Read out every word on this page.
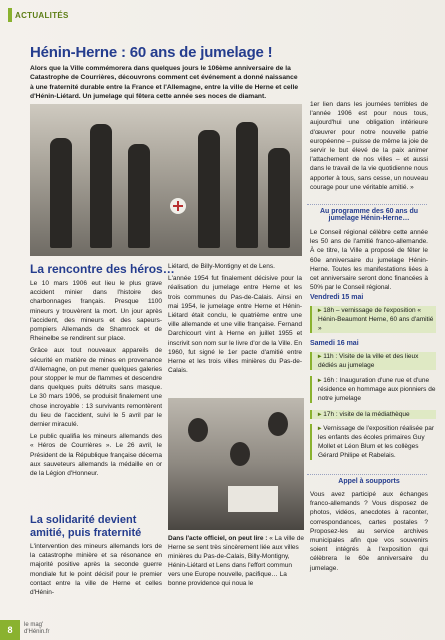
ACTUALITÉS
Hénin-Herne : 60 ans de jumelage !
Alors que la Ville commémorera dans quelques jours le 106ème anniversaire de la Catastrophe de Courrières, découvrons comment cet événement a donné naissance à une fraternité durable entre la France et l'Allemagne, entre la ville de Herne et celle d'Hénin-Liétard. Un jumelage qui fêtera cette année ses noces de diamant.
La rencontre des héros…

Le 10 mars 1906 eut lieu le plus grave accident minier dans l'histoire des charbonnages français. Presque 1100 mineurs y trouvèrent la mort. Un jour après l'accident, des mineurs et des sapeurs-pompiers Allemands de Shamrock et de Rheinelbe se rendirent sur place.

Grâce aux tout nouveaux appareils de sécurité en matière de mines en provenance d'Allemagne, on put mener quelques galeries pour stopper le mur de flammes et descendre dans quelques puits détruits sans masque. Le 30 mars 1906, se produisit finalement une chose incroyable : 13 survivants remontèrent du lieu de l'accident, suivi le 5 avril par le dernier miraculé.

Le public qualifia les mineurs allemands des « Héros de Courrières ». Le 26 avril, le Président de la République française décerna aux sauveteurs allemands la médaille en or de la Légion d'Honneur.

La solidarité devient amitié, puis fraternité

L'intervention des mineurs allemands lors de la catastrophe minière et sa résonance en majorité positive après la seconde guerre mondiale fut le point décisif pour le premier contact entre la ville de Herne et celles d'Hénin-

Liétard, de Billy-Montigny et de Lens.

L'année 1954 fut finalement décisive pour la réalisation du jumelage entre Herne et les trois communes du Pas-de-Calais. Ainsi en mai 1954, le jumelage entre Herne et Hénin-Liétard était conclu, le quatrième entre une ville allemande et une ville française. Fernand Darchicourt vint à Herne en juillet 1955 et inscrivit son nom sur le livre d'or de la Ville. En 1960, fut signé le 1er pacte d'amitié entre Herne et les trois villes minières du Pas-de-Calais.

Dans l'acte officiel, on peut lire : « La ville de Herne se sent très sincèrement liée aux villes minières du Pas-de-Calais, Billy-Montigny, Hénin-Liétard et Lens dans l'effort commun vers une Europe nouvelle, pacifique… La bonne providence qui noua le

1er lien dans les journées terribles de l'année 1906 est pour nous tous, aujourd'hui une obligation intérieure d'œuvrer pour notre nouvelle patrie européenne – puisse de même la joie de servir le but élevé de la paix animer l'attachement de nos villes – et aussi dans le travail de la vie quotidienne nous apporter à tous, sans cesse, un nouveau courage pour une véritable amitié. »

Au programme des 60 ans du jumelage Hénin-Herne…
Le Conseil régional célèbre cette année les 50 ans de l'amitié franco-allemande. À ce titre, la Ville a proposé de fêter le 60e anniversaire du jumelage Hénin-Herne. Toutes les manifestations liées à cet anniversaire seront donc financées à 50% par le Conseil régional.
Vendredi 15 mai
▸ 18h – vernissage de l'exposition « Hénin-Beaumont Herne, 60 ans d'amitié »
Samedi 16 mai
▸ 11h : Visite de la ville et des lieux dédiés au jumelage
▸ 16h : Inauguration d'une rue et d'une résidence en hommage aux pionniers de notre jumelage
▸ 17h : visite de la médiathèque
▸ Vernissage de l'exposition réalisée par les enfants des écoles primaires Guy Mollet et Léon Blum et les collèges Gérard Philipe et Rabelais.
Appel à soupports
Vous avez participé aux échanges franco-allemands ? Vous disposez de photos, vidéos, anecdotes à raconter, correspondances, cartes postales ? Proposez-les au service archives municipales afin que vos souvenirs soient intégrés à l'exposition qui célèbrera le 60e anniversaire du jumelage.
8	le mag'
d'Hénin.fr
